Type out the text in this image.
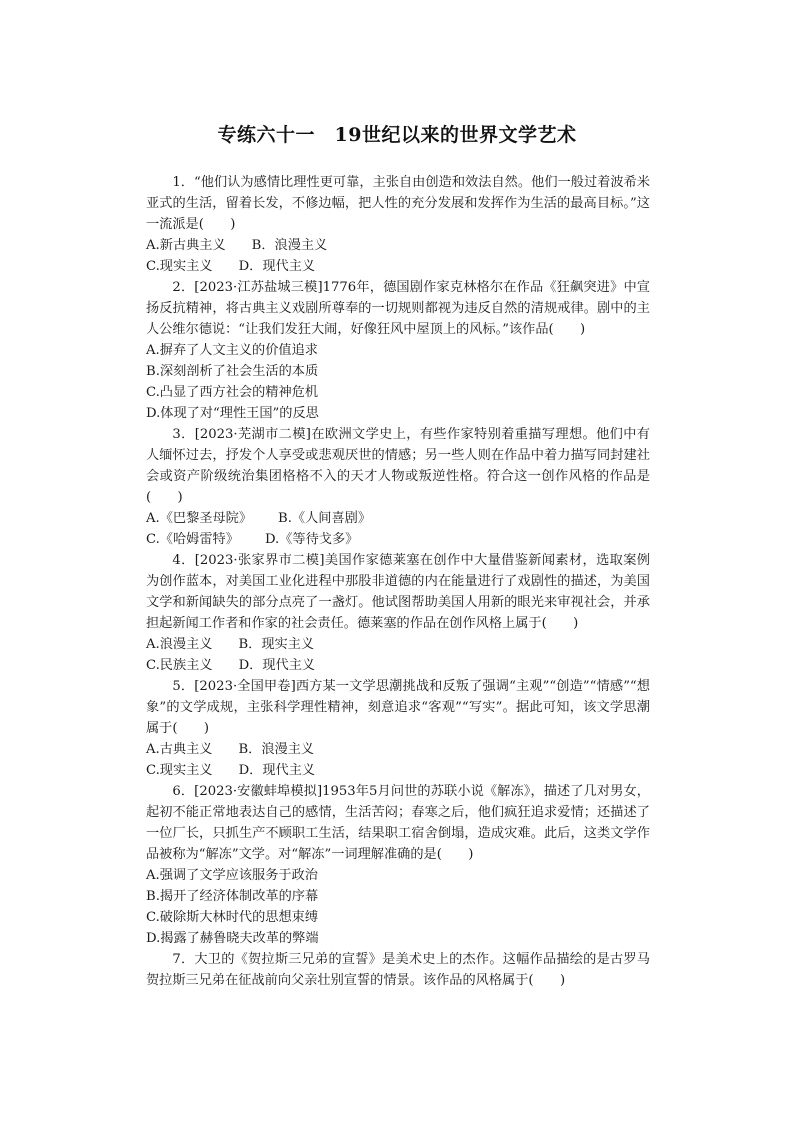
专练六十一　19世纪以来的世界文学艺术

1．“他们认为感情比理性更可靠，主张自由创造和效法自然。他们一般过着波希米亚式的生活，留着长发，不修边幅，把人性的充分发展和发挥作为生活的最高目标。”这一流派是(　　)

A.新古典主义 B．浪漫主义

C.现实主义 D．现代主义

2．[2023·江苏盐城三模]1776年，德国剧作家克林格尔在作品《狂飙突进》中宣扬反抗精神，将古典主义戏剧所尊奉的一切规则都视为违反自然的清规戒律。剧中的主人公维尔德说：“让我们发狂大闹，好像狂风中屋顶上的风标。”该作品(　　)

A.摒弃了人文主义的价值追求

B.深刻剖析了社会生活的本质

C.凸显了西方社会的精神危机

D.体现了对“理性王国”的反思

3．[2023·芜湖市二模]在欧洲文学史上，有些作家特别着重描写理想。他们中有人缅怀过去，抒发个人享受或悲观厌世的情感；另一些人则在作品中着力描写同封建社会或资产阶级统治集团格格不入的天才人物或叛逆性格。符合这一创作风格的作品是(　　)

A.《巴黎圣母院》 B.《人间喜剧》

C.《哈姆雷特》 D.《等待戈多》

4．[2023·张家界市二模]美国作家德莱塞在创作中大量借鉴新闻素材，选取案例为创作蓝本，对美国工业化进程中那股非道德的内在能量进行了戏剧性的描述，为美国文学和新闻缺失的部分点亮了一盏灯。他试图帮助美国人用新的眼光来审视社会，并承担起新闻工作者和作家的社会责任。德莱塞的作品在创作风格上属于(　　)

A.浪漫主义 B．现实主义

C.民族主义 D．现代主义

5．[2023·全国甲卷]西方某一文学思潮挑战和反叛了强调“主观”“创造”“情感”“想象”的文学成规，主张科学理性精神，刻意追求“客观”“写实”。据此可知，该文学思潮属于(　　)

A.古典主义 B．浪漫主义

C.现实主义 D．现代主义

6．[2023·安徽蚌埠模拟]1953年5月问世的苏联小说《解冻》，描述了几对男女，起初不能正常地表达自己的感情，生活苦闷；春寒之后，他们疯狂追求爱情；还描述了一位厂长，只抓生产不顾职工生活，结果职工宿舍倒塌，造成灾难。此后，这类文学作品被称为“解冻”文学。对“解冻”一词理解准确的是(　　)

A.强调了文学应该服务于政治

B.揭开了经济体制改革的序幕

C.破除斯大林时代的思想束缚

D.揭露了赫鲁晓夫改革的弊端

7．大卫的《贺拉斯三兄弟的宣誓》是美术史上的杰作。这幅作品描绘的是古罗马贺拉斯三兄弟在征战前向父亲壮别宣誓的情景。该作品的风格属于(　　)
